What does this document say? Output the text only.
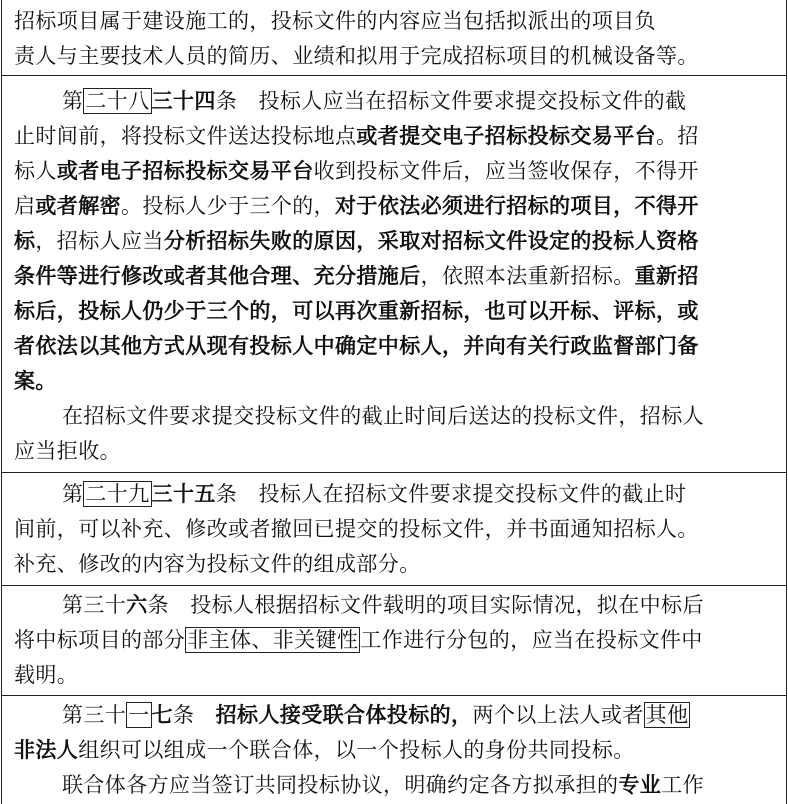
招标项目属于建设施工的，投标文件的内容应当包括拟派出的项目负
责人与主要技术人员的简历、业绩和拟用于完成招标项目的机械设备等。

第二十八三十四条 投标人应当在招标文件要求提交投标文件的截
止时间前，将投标文件送达投标地点或者提交电子招标投标交易平台。招
标人或者电子招标投标交易平台收到投标文件后，应当签收保存，不得开
启或者解密。投标人少于三个的，对于依法必须进行招标的项目，不得开
标，招标人应当分析招标失败的原因，采取对招标文件设定的投标人资格
条件等进行修改或者其他合理、充分措施后，依照本法重新招标。重新招
标后，投标人仍少于三个的，可以再次重新招标，也可以开标、评标，或
者依法以其他方式从现有投标人中确定中标人，并向有关行政监督部门备
案。

在招标文件要求提交投标文件的截止时间后送达的投标文件，招标人
应当拒收。

第二十九三十五条 投标人在招标文件要求提交投标文件的截止时
间前，可以补充、修改或者撤回已提交的投标文件，并书面通知招标人。
补充、修改的内容为投标文件的组成部分。

第三十六条 投标人根据招标文件载明的项目实际情况，拟在中标后
将中标项目的部分非主体、非关键性工作进行分包的，应当在投标文件中
载明。

第三十一七条 招标人接受联合体投标的，两个以上法人或者其他
非法人组织可以组成一个联合体，以一个投标人的身份共同投标。

联合体各方应当签订共同投标协议，明确约定各方拟承担的专业工作
